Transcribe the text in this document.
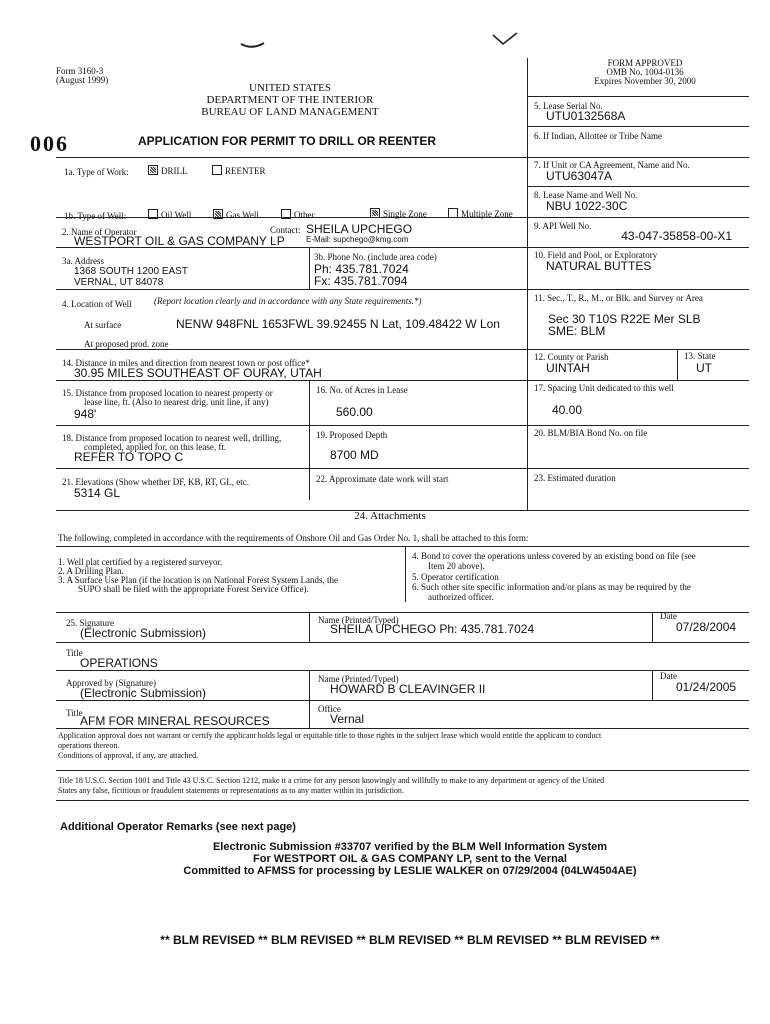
Form 3160-3
(August 1999)
FORM APPROVED
OMB No. 1004-0136
Expires November 30, 2000
UNITED STATES
DEPARTMENT OF THE INTERIOR
BUREAU OF LAND MANAGEMENT
006	APPLICATION FOR PERMIT TO DRILL OR REENTER
5. Lease Serial No.
UTU0132568A
6. If Indian, Allottee or Tribe Name
7. If Unit or CA Agreement, Name and No.
UTU63047A
8. Lease Name and Well No.
NBU 1022-30C
9. API Well No.
43-047-35858-00-X1
10. Field and Pool, or Exploratory
NATURAL BUTTES
11. Sec., T., R., M., or Blk. and Survey or Area
Sec 30 T10S R22E Mer SLB
SME: BLM
12. County or Parish
UINTAH
13. State
UT
17. Spacing Unit dedicated to this well
40.00
20. BLM/BIA Bond No. on file
23. Estimated duration
1a. Type of Work:	DRILL	REENTER
1b. Type of Well:	Oil Well	Gas Well	Other	Single Zone	Multiple Zone
2. Name of Operator
WESTPORT OIL & GAS COMPANY LP
Contact: SHEILA UPCHEGO
E-Mail: supchego@kmg.com
3a. Address
1368 SOUTH 1200 EAST
VERNAL, UT 84078
3b. Phone No. (include area code)
Ph: 435.781.7024
Fx: 435.781.7094
4. Location of Well (Report location clearly and in accordance with any State requirements.*)
At surface	NENW 948FNL 1653FWL 39.92455 N Lat, 109.48422 W Lon
At proposed prod. zone
14. Distance in miles and direction from nearest town or post office*
30.95 MILES SOUTHEAST OF OURAY, UTAH
15. Distance from proposed location to nearest property or
lease line, ft. (Also to nearest drig. unit line, if any)
948'
16. No. of Acres in Lease
560.00
18. Distance from proposed location to nearest well, drilling,
completed, applied for, on this lease, ft.
REFER TO TOPO C
19. Proposed Depth
8700 MD
21. Elevations (Show whether DF, KB, RT, GL, etc.
5314 GL
22. Approximate date work will start
24. Attachments
The following, completed in accordance with the requirements of Onshore Oil and Gas Order No. 1, shall be attached to this form:
1. Well plat certified by a registered surveyor.
2. A Drilling Plan.
3. A Surface Use Plan (if the location is on National Forest System Lands, the
SUPO shall be filed with the appropriate Forest Service Office).
4. Bond to cover the operations unless covered by an existing bond on file (see
Item 20 above).
5. Operator certification
6. Such other site specific information and/or plans as may be required by the
authorized officer.
25. Signature
(Electronic Submission)
Name (Printed/Typed)
SHEILA UPCHEGO Ph: 435.781.7024
Date
07/28/2004
Title
OPERATIONS
Approved by (Signature)
(Electronic Submission)
Name (Printed/Typed)
HOWARD B CLEAVINGER II
Date
01/24/2005
Title
AFM FOR MINERAL RESOURCES
Office
Vernal
Application approval does not warrant or certify the applicant holds legal or equitable title to those rights in the subject lease which would entitle the applicant to conduct
operations thereon.
Conditions of approval, if any, are attached.
Title 18 U.S.C. Section 1001 and Title 43 U.S.C. Section 1212, make it a crime for any person knowingly and willfully to make to any department or agency of the United
States any false, fictitious or fraudulent statements or representations as to any matter within its jurisdiction.
Additional Operator Remarks (see next page)
Electronic Submission #33707 verified by the BLM Well Information System
For WESTPORT OIL & GAS COMPANY LP, sent to the Vernal
Committed to AFMSS for processing by LESLIE WALKER on 07/29/2004 (04LW4504AE)
** BLM REVISED ** BLM REVISED ** BLM REVISED ** BLM REVISED ** BLM REVISED **
